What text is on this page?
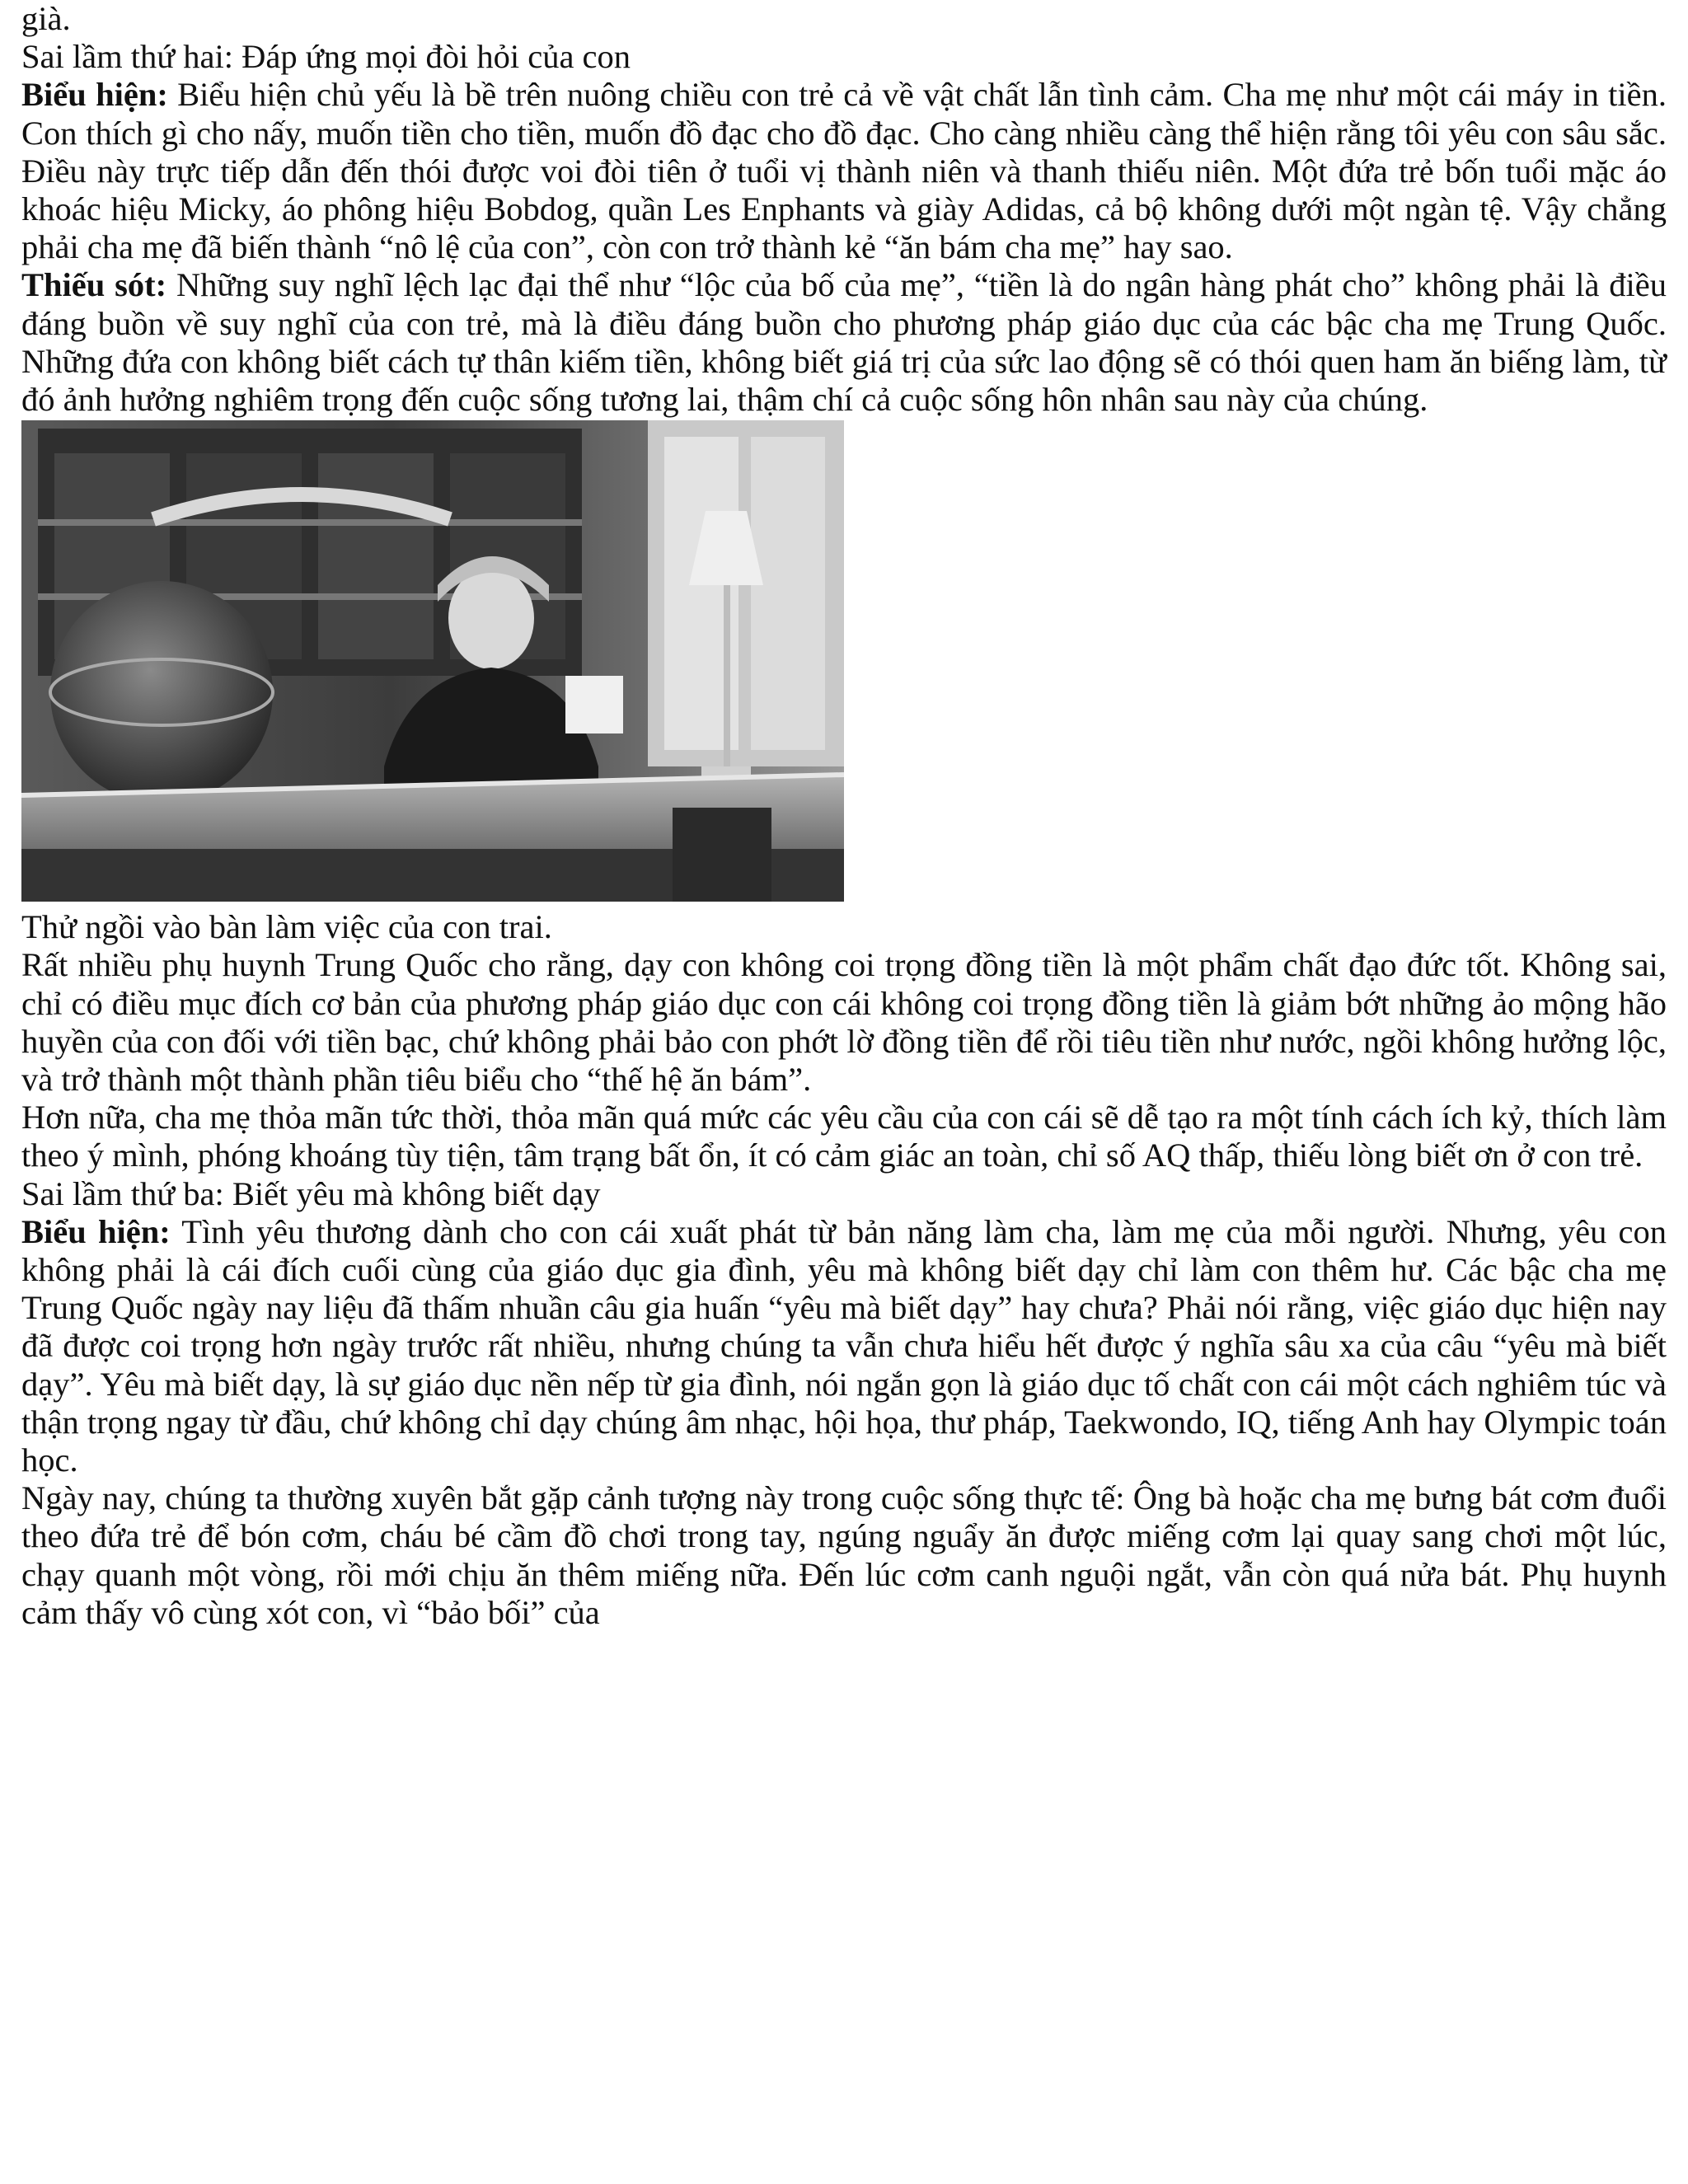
già.

Sai lầm thứ hai: Đáp ứng mọi đòi hỏi của con

Biểu hiện: Biểu hiện chủ yếu là bề trên nuông chiều con trẻ cả về vật chất lẫn tình cảm. Cha mẹ như một cái máy in tiền. Con thích gì cho nấy, muốn tiền cho tiền, muốn đồ đạc cho đồ đạc. Cho càng nhiều càng thể hiện rằng tôi yêu con sâu sắc. Điều này trực tiếp dẫn đến thói được voi đòi tiên ở tuổi vị thành niên và thanh thiếu niên. Một đứa trẻ bốn tuổi mặc áo khoác hiệu Micky, áo phông hiệu Bobdog, quần Les Enphants và giày Adidas, cả bộ không dưới một ngàn tệ. Vậy chẳng phải cha mẹ đã biến thành “nô lệ của con”, còn con trở thành kẻ “ăn bám cha mẹ” hay sao.

Thiếu sót: Những suy nghĩ lệch lạc đại thể như “lộc của bố của mẹ”, “tiền là do ngân hàng phát cho” không phải là điều đáng buồn về suy nghĩ của con trẻ, mà là điều đáng buồn cho phương pháp giáo dục của các bậc cha mẹ Trung Quốc. Những đứa con không biết cách tự thân kiếm tiền, không biết giá trị của sức lao động sẽ có thói quen ham ăn biếng làm, từ đó ảnh hưởng nghiêm trọng đến cuộc sống tương lai, thậm chí cả cuộc sống hôn nhân sau này của chúng.

Thử ngồi vào bàn làm việc của con trai.

Rất nhiều phụ huynh Trung Quốc cho rằng, dạy con không coi trọng đồng tiền là một phẩm chất đạo đức tốt. Không sai, chỉ có điều mục đích cơ bản của phương pháp giáo dục con cái không coi trọng đồng tiền là giảm bớt những ảo mộng hão huyền của con đối với tiền bạc, chứ không phải bảo con phớt lờ đồng tiền để rồi tiêu tiền như nước, ngồi không hưởng lộc, và trở thành một thành phần tiêu biểu cho “thế hệ ăn bám”.

Hơn nữa, cha mẹ thỏa mãn tức thời, thỏa mãn quá mức các yêu cầu của con cái sẽ dễ tạo ra một tính cách ích kỷ, thích làm theo ý mình, phóng khoáng tùy tiện, tâm trạng bất ổn, ít có cảm giác an toàn, chỉ số AQ thấp, thiếu lòng biết ơn ở con trẻ.

Sai lầm thứ ba: Biết yêu mà không biết dạy

Biểu hiện: Tình yêu thương dành cho con cái xuất phát từ bản năng làm cha, làm mẹ của mỗi người. Nhưng, yêu con không phải là cái đích cuối cùng của giáo dục gia đình, yêu mà không biết dạy chỉ làm con thêm hư. Các bậc cha mẹ Trung Quốc ngày nay liệu đã thấm nhuần câu gia huấn “yêu mà biết dạy” hay chưa? Phải nói rằng, việc giáo dục hiện nay đã được coi trọng hơn ngày trước rất nhiều, nhưng chúng ta vẫn chưa hiểu hết được ý nghĩa sâu xa của câu “yêu mà biết dạy”. Yêu mà biết dạy, là sự giáo dục nền nếp từ gia đình, nói ngắn gọn là giáo dục tố chất con cái một cách nghiêm túc và thận trọng ngay từ đầu, chứ không chỉ dạy chúng âm nhạc, hội họa, thư pháp, Taekwondo, IQ, tiếng Anh hay Olympic toán học.

Ngày nay, chúng ta thường xuyên bắt gặp cảnh tượng này trong cuộc sống thực tế: Ông bà hoặc cha mẹ bưng bát cơm đuổi theo đứa trẻ để bón cơm, cháu bé cầm đồ chơi trong tay, ngúng nguẩy ăn được miếng cơm lại quay sang chơi một lúc, chạy quanh một vòng, rồi mới chịu ăn thêm miếng nữa. Đến lúc cơm canh nguội ngắt, vẫn còn quá nửa bát. Phụ huynh cảm thấy vô cùng xót con, vì “bảo bối” của
